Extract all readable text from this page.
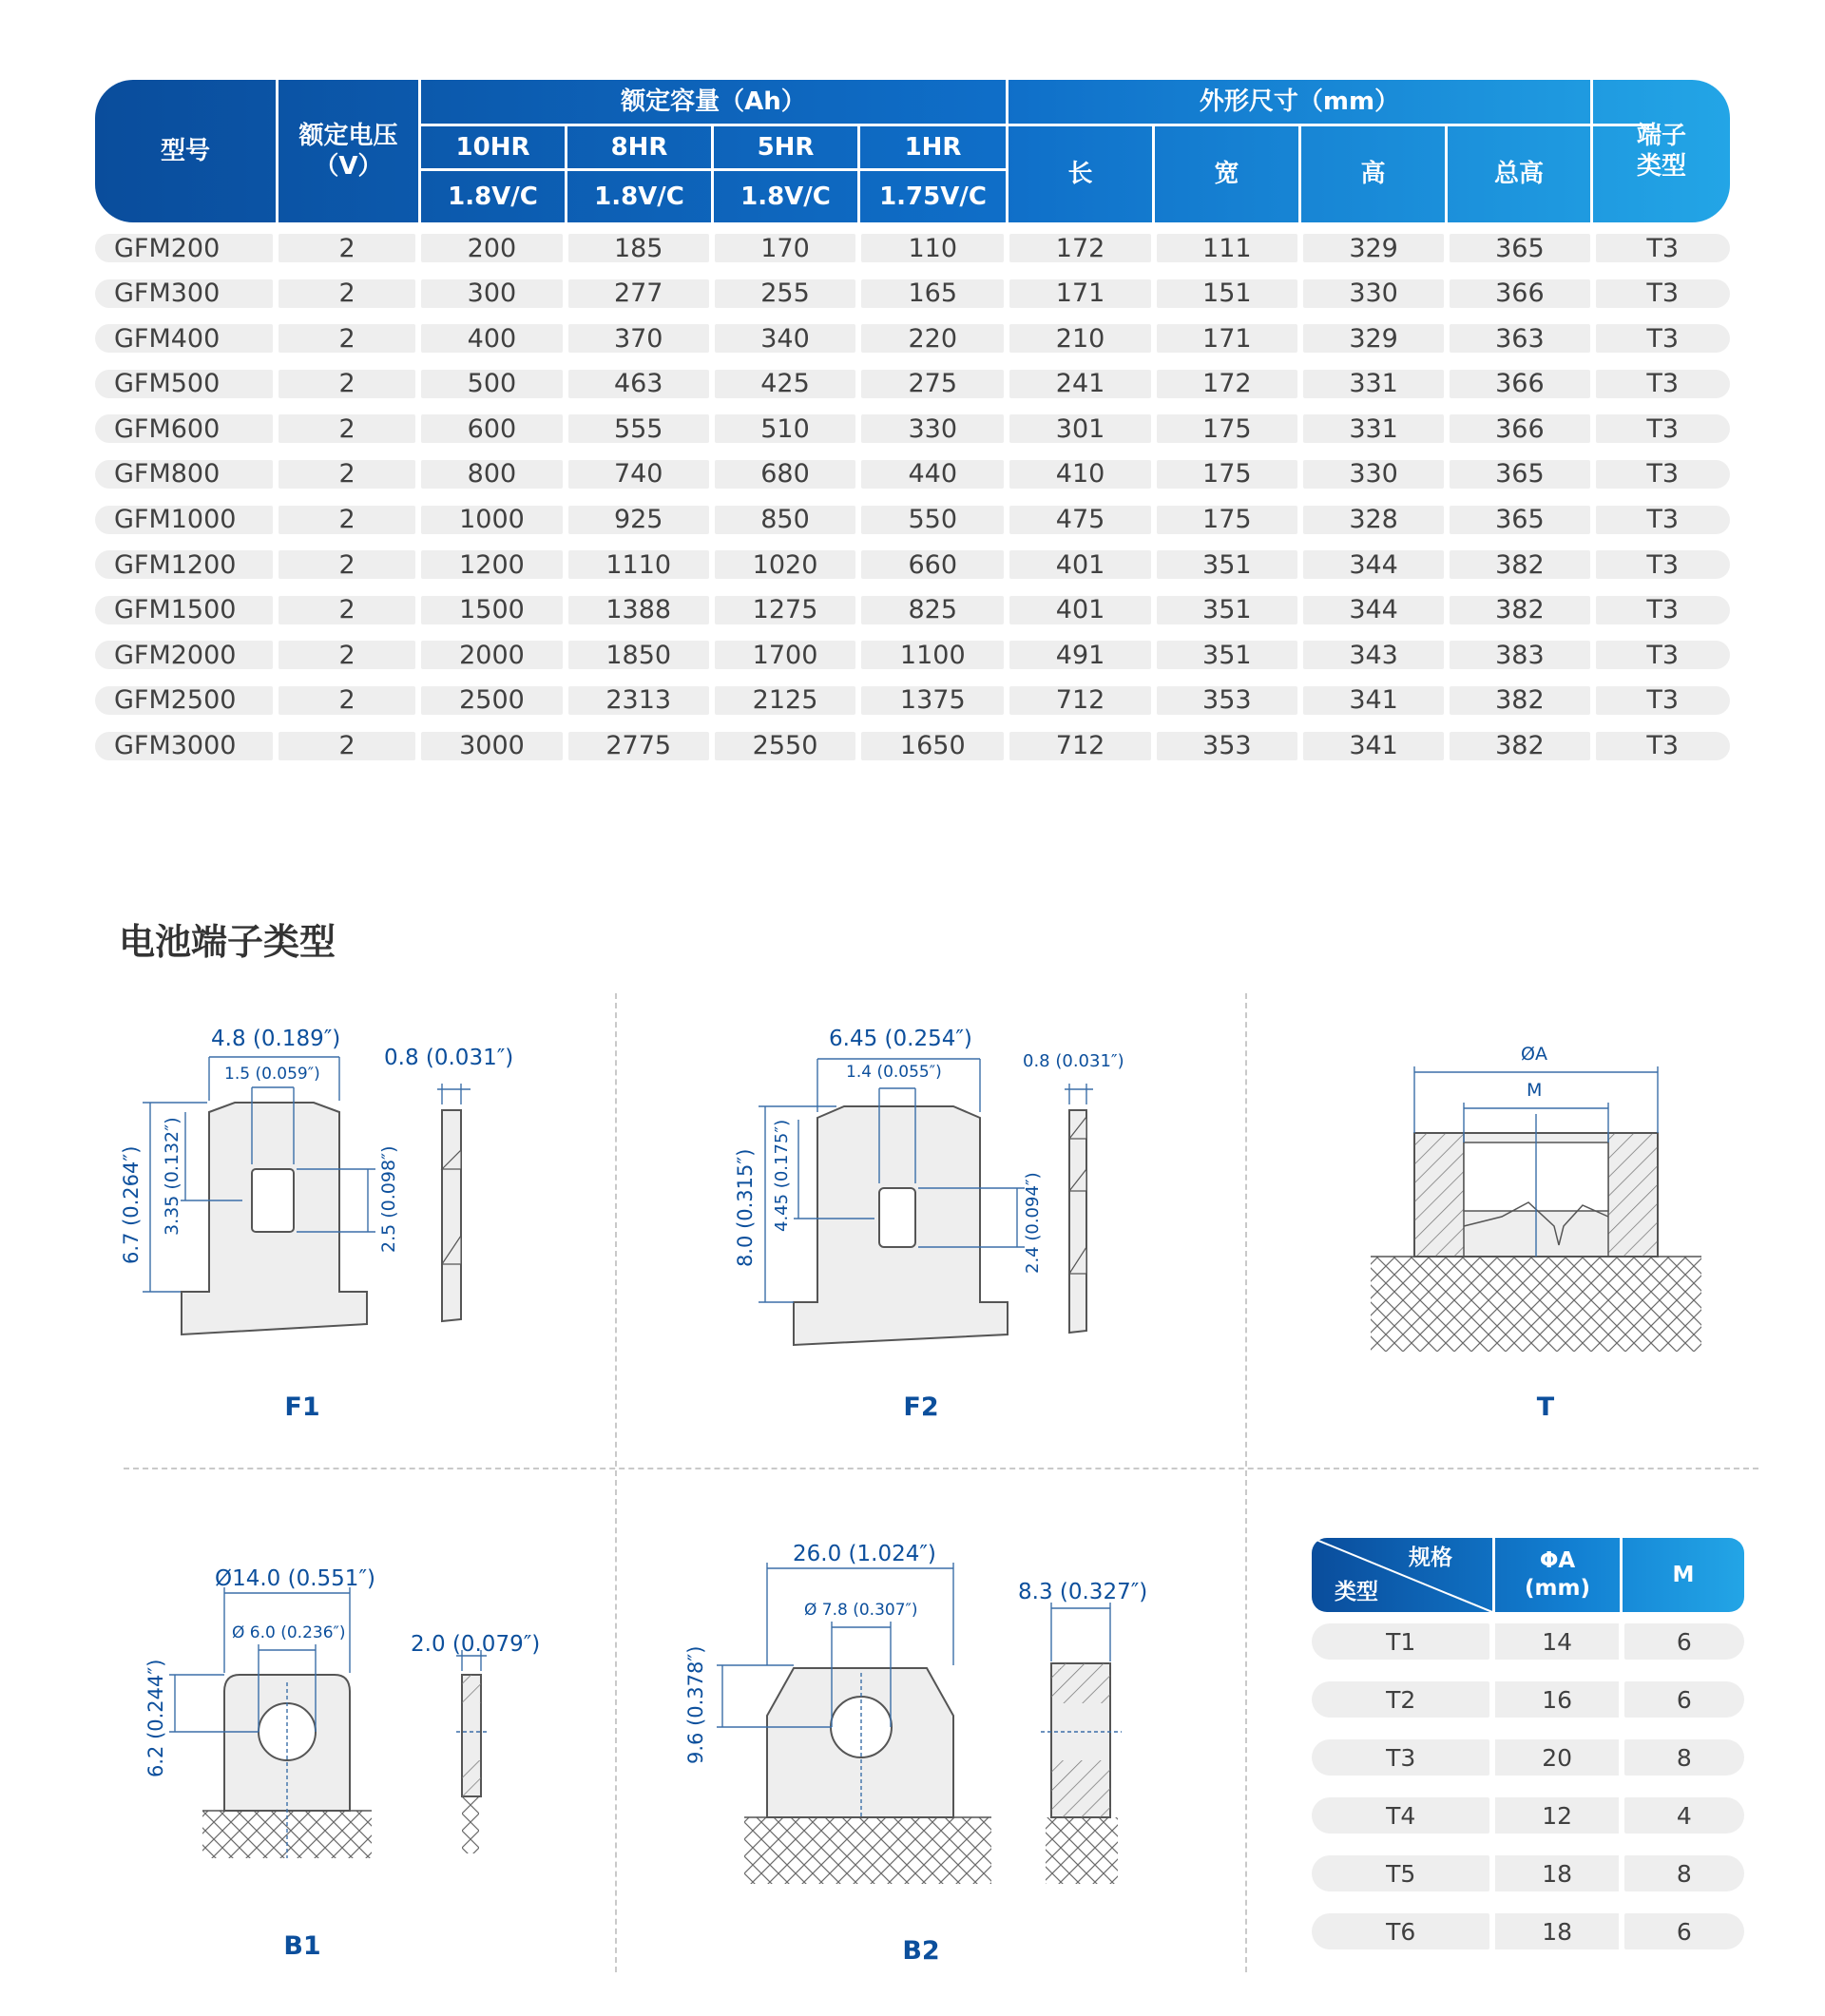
型号
额定电压
（V）
额定容量（Ah）
10HR	8HR	5HR	1HR
1.8V/C	1.8V/C	1.8V/C	1.75V/C
外形尺寸（mm）
长	宽	高	总高
端子
类型
GFM200	2	200	185	170	110	172	111	329	365	T3
GFM300	2	300	277	255	165	171	151	330	366	T3
GFM400	2	400	370	340	220	210	171	329	363	T3
GFM500	2	500	463	425	275	241	172	331	366	T3
GFM600	2	600	555	510	330	301	175	331	366	T3
GFM800	2	800	740	680	440	410	175	330	365	T3
GFM1000	2	1000	925	850	550	475	175	328	365	T3
GFM1200	2	1200	1110	1020	660	401	351	344	382	T3
GFM1500	2	1500	1388	1275	825	401	351	344	382	T3
GFM2000	2	2000	1850	1700	1100	491	351	343	383	T3
GFM2500	2	2500	2313	2125	1375	712	353	341	382	T3
GFM3000	2	3000	2775	2550	1650	712	353	341	382	T3
电池端子类型
4.8 (0.189″)
1.5 (0.059″)
0.8 (0.031″)
6.7 (0.264″) 3.35 (0.132″)	2.5 (0.098″)
F1
6.45 (0.254″)
1.4 (0.055″)
0.8 (0.031″)
8.0 (0.315″) 4.45 (0.175″)	2.4 (0.094″)
F2
ØA
M
T
Ø14.0 (0.551″)
Ø 6.0 (0.236″)	2.0 (0.079″)
6.2 (0.244″)
B1
26.0 (1.024″)
Ø 7.8 (0.307″)
8.3 (0.327″)
9.6 (0.378″)
B2
规格
类型
ΦA
(mm)
M
T1	14	6
T2	16	6
T3	20	8
T4	12	4
T5	18	8
T6	18	6
